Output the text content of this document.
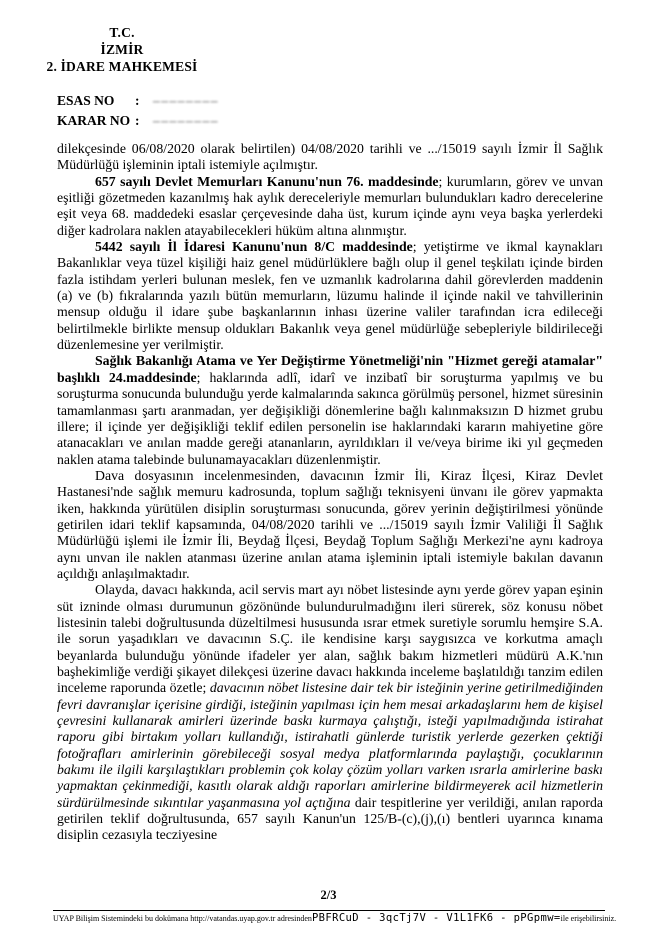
T.C.
İZMİR
2. İDARE MAHKEMESİ
ESAS NO	:	––––––––
KARAR NO :	––––––––

dilekçesinde 06/08/2020 olarak belirtilen) 04/08/2020 tarihli ve .../15019 sayılı İzmir İl Sağlık Müdürlüğü işleminin iptali istemiyle açılmıştır.

657 sayılı Devlet Memurları Kanunu'nun 76. maddesinde; kurumların, görev ve unvan eşitliği gözetmeden kazanılmış hak aylık dereceleriyle memurları bulundukları kadro derecelerine eşit veya 68. maddedeki esaslar çerçevesinde daha üst, kurum içinde aynı veya başka yerlerdeki diğer kadrolara naklen atayabilecekleri hüküm altına alınmıştır.

5442 sayılı İl İdaresi Kanunu'nun 8/C maddesinde; yetiştirme ve ikmal kaynakları Bakanlıklar veya tüzel kişiliği haiz genel müdürlüklere bağlı olup il genel teşkilatı içinde birden fazla istihdam yerleri bulunan meslek, fen ve uzmanlık kadrolarına dahil görevlerden maddenin (a) ve (b) fıkralarında yazılı bütün memurların, lüzumu halinde il içinde nakil ve tahvillerinin mensup olduğu il idare şube başkanlarının inhası üzerine valiler tarafından icra edileceği belirtilmekle birlikte mensup oldukları Bakanlık veya genel müdürlüğe sebepleriyle bildirileceği düzenlemesine yer verilmiştir.

Sağlık Bakanlığı Atama ve Yer Değiştirme Yönetmeliği'nin "Hizmet gereği atamalar" başlıklı 24.maddesinde; haklarında adlî, idarî ve inzibatî bir soruşturma yapılmış ve bu soruşturma sonucunda bulunduğu yerde kalmalarında sakınca görülmüş personel, hizmet süresinin tamamlanması şartı aranmadan, yer değişikliği dönemlerine bağlı kalınmaksızın D hizmet grubu illere; il içinde yer değişikliği teklif edilen personelin ise haklarındaki kararın mahiyetine göre atanacakları ve anılan madde gereği atananların, ayrıldıkları il ve/veya birime iki yıl geçmeden naklen atama talebinde bulunamayacakları düzenlenmiştir.

Dava dosyasının incelenmesinden, davacının İzmir İli, Kiraz İlçesi, Kiraz Devlet Hastanesi'nde sağlık memuru kadrosunda, toplum sağlığı teknisyeni ünvanı ile görev yapmakta iken, hakkında yürütülen disiplin soruşturması sonucunda, görev yerinin değiştirilmesi yönünde getirilen idari teklif kapsamında, 04/08/2020 tarihli ve .../15019 sayılı İzmir Valiliği İl Sağlık Müdürlüğü işlemi ile İzmir İli, Beydağ İlçesi, Beydağ Toplum Sağlığı Merkezi'ne aynı kadroya aynı unvan ile naklen atanması üzerine anılan atama işleminin iptali istemiyle bakılan davanın açıldığı anlaşılmaktadır.

Olayda, davacı hakkında, acil servis mart ayı nöbet listesinde aynı yerde görev yapan eşinin süt izninde olması durumunun gözönünde bulundurulmadığını ileri sürerek, söz konusu nöbet listesinin talebi doğrultusunda düzeltilmesi hususunda ısrar etmek suretiyle sorumlu hemşire S.A. ile sorun yaşadıkları ve davacının S.Ç. ile kendisine karşı saygısızca ve korkutma amaçlı beyanlarda bulunduğu yönünde ifadeler yer alan, sağlık bakım hizmetleri müdürü A.K.'nın başhekimliğe verdiği şikayet dilekçesi üzerine davacı hakkında inceleme başlatıldığı tanzim edilen inceleme raporunda özetle; davacının nöbet listesine dair tek bir isteğinin yerine getirilmediğinden fevri davranışlar içerisine girdiği, isteğinin yapılması için hem mesai arkadaşlarını hem de kişisel çevresini kullanarak amirleri üzerinde baskı kurmaya çalıştığı, isteği yapılmadığında istirahat raporu gibi birtakım yolları kullandığı, istirahatli günlerde turistik yerlerde gezerken çektiği fotoğrafları amirlerinin görebileceği sosyal medya platformlarında paylaştığı, çocuklarının bakımı ile ilgili karşılaştıkları problemin çok kolay çözüm yolları varken ısrarla amirlerine baskı yapmaktan çekinmediği, kasıtlı olarak aldığı raporları amirlerine bildirmeyerek acil hizmetlerin sürdürülmesinde sıkıntılar yaşanmasına yol açtığına dair tespitlerine yer verildiği, anılan raporda getirilen teklif doğrultusunda, 657 sayılı Kanun'un 125/B-(c),(j),(ı) bentleri uyarınca kınama disiplin cezasıyla tecziyesine

2/3
UYAP Bilişim Sistemindeki bu dokümana http://vatandas.uyap.gov.tr adresinden PBFRCuD - 3qcTj7V - V1L1FK6 - pPGpmw= ile erişebilirsiniz.
